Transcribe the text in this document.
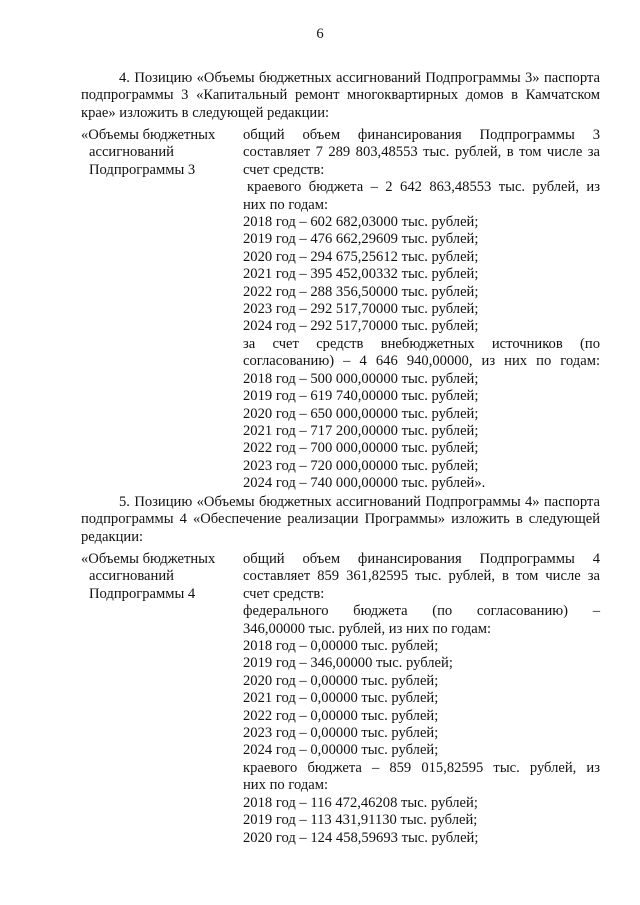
6
4. Позицию «Объемы бюджетных ассигнований Подпрограммы 3» паспорта
подпрограммы 3 «Капитальный ремонт многоквартирных домов в Камчатском
крае» изложить в следующей редакции:
«Объемы бюджетных
ассигнований
Подпрограммы 3
общий объем финансирования Подпрограммы 3
составляет 7 289 803,48553 тыс. рублей, в том числе за
счет средств:
краевого бюджета – 2 642 863,48553 тыс. рублей, из
них по годам:
2018 год – 602 682,03000 тыс. рублей;
2019 год – 476 662,29609 тыс. рублей;
2020 год – 294 675,25612 тыс. рублей;
2021 год – 395 452,00332 тыс. рублей;
2022 год – 288 356,50000 тыс. рублей;
2023 год – 292 517,70000 тыс. рублей;
2024 год – 292 517,70000 тыс. рублей;
за счет средств внебюджетных источников (по
согласованию) – 4 646 940,00000, из них по годам:
2018 год – 500 000,00000 тыс. рублей;
2019 год – 619 740,00000 тыс. рублей;
2020 год – 650 000,00000 тыс. рублей;
2021 год – 717 200,00000 тыс. рублей;
2022 год – 700 000,00000 тыс. рублей;
2023 год – 720 000,00000 тыс. рублей;
2024 год – 740 000,00000 тыс. рублей».
5. Позицию «Объемы бюджетных ассигнований Подпрограммы 4» паспорта
подпрограммы 4 «Обеспечение реализации Программы» изложить в следующей
редакции:
«Объемы бюджетных
ассигнований
Подпрограммы 4
общий объем финансирования Подпрограммы 4
составляет 859 361,82595 тыс. рублей, в том числе за
счет средств:
федерального бюджета (по согласованию) –
346,00000 тыс. рублей, из них по годам:
2018 год – 0,00000 тыс. рублей;
2019 год – 346,00000 тыс. рублей;
2020 год – 0,00000 тыс. рублей;
2021 год – 0,00000 тыс. рублей;
2022 год – 0,00000 тыс. рублей;
2023 год – 0,00000 тыс. рублей;
2024 год – 0,00000 тыс. рублей;
краевого бюджета – 859 015,82595 тыс. рублей, из
них по годам:
2018 год – 116 472,46208 тыс. рублей;
2019 год – 113 431,91130 тыс. рублей;
2020 год – 124 458,59693 тыс. рублей;
